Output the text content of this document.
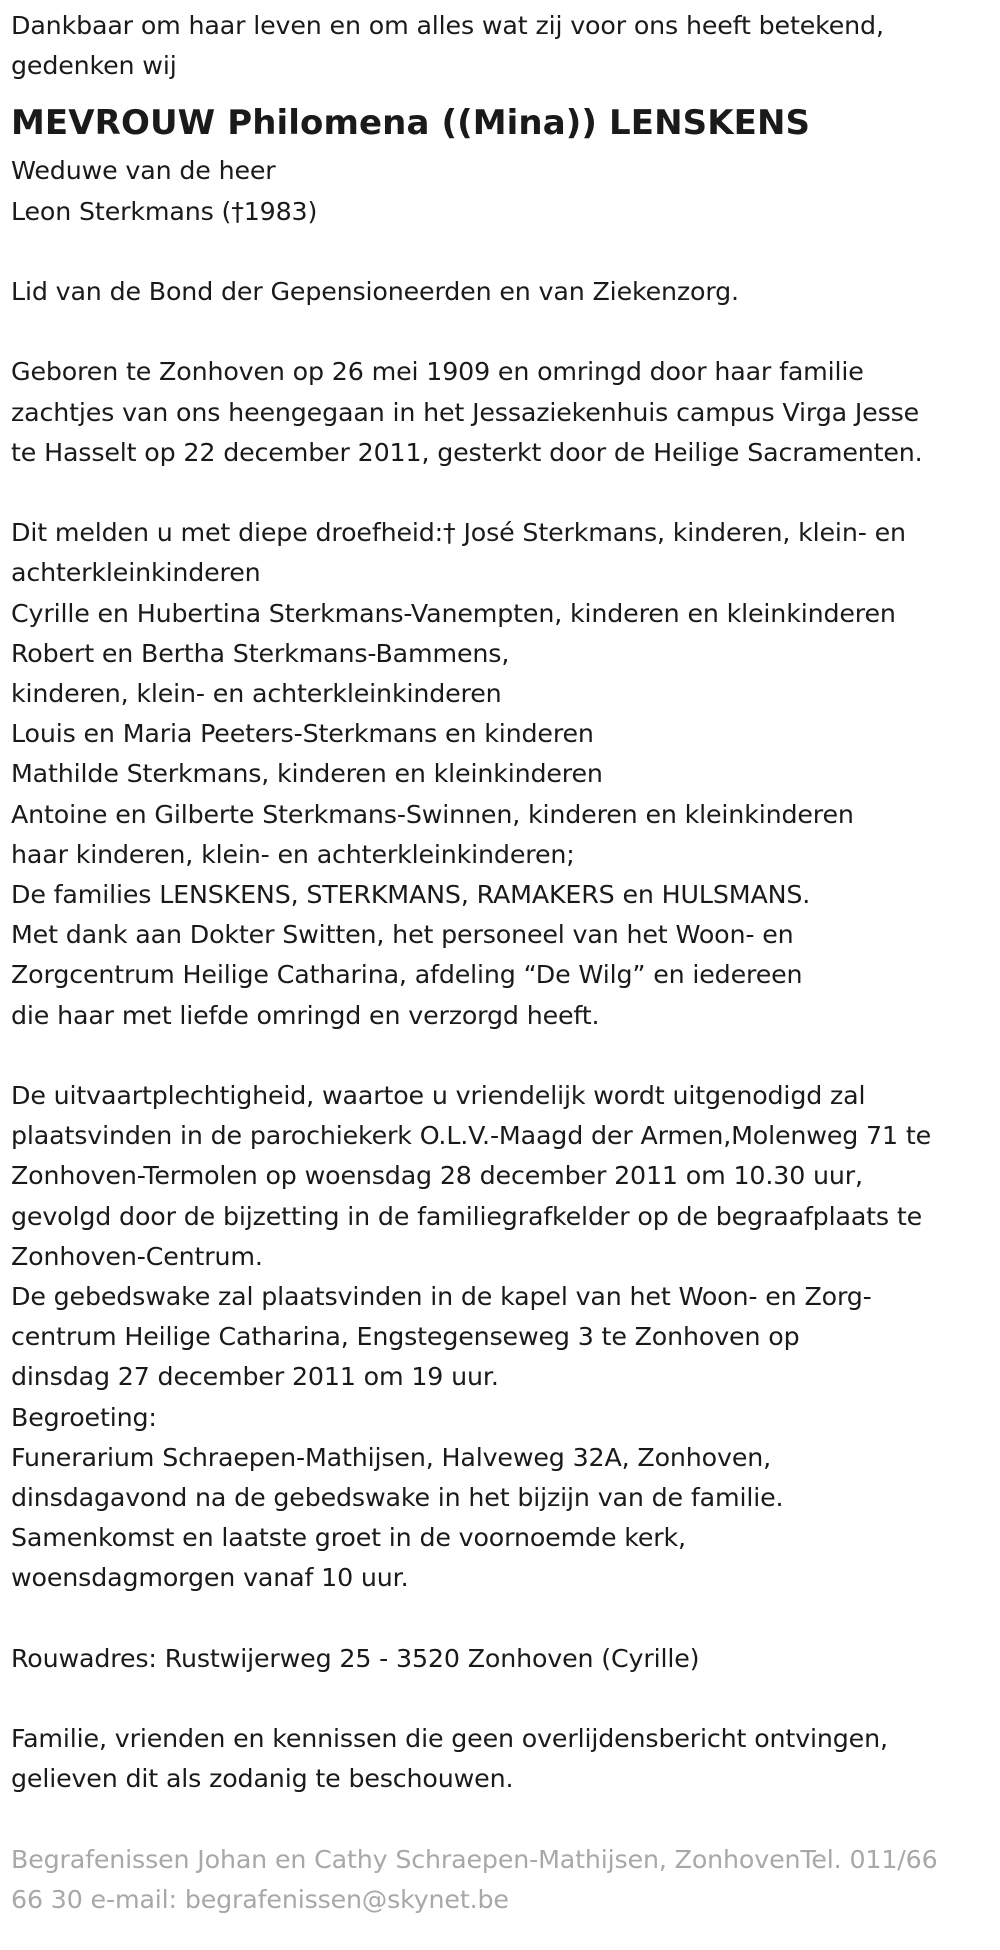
Dankbaar om haar leven en om alles wat zij voor ons heeft betekend,
gedenken wij
MEVROUW Philomena ((Mina)) LENSKENS
Weduwe van de heer
Leon Sterkmans (†1983)
Lid van de Bond der Gepensioneerden en van Ziekenzorg.
Geboren te Zonhoven op 26 mei 1909 en omringd door haar familie
zachtjes van ons heengegaan in het Jessaziekenhuis campus Virga Jesse
te Hasselt op 22 december 2011, gesterkt door de Heilige Sacramenten.
Dit melden u met diepe droefheid:† José Sterkmans, kinderen, klein- en
achterkleinkinderen
Cyrille en Hubertina Sterkmans-Vanempten, kinderen en kleinkinderen
Robert en Bertha Sterkmans-Bammens,
kinderen, klein- en achterkleinkinderen
Louis en Maria Peeters-Sterkmans en kinderen
Mathilde Sterkmans, kinderen en kleinkinderen
Antoine en Gilberte Sterkmans-Swinnen, kinderen en kleinkinderen
haar kinderen, klein- en achterkleinkinderen;
De families LENSKENS, STERKMANS, RAMAKERS en HULSMANS.
Met dank aan Dokter Switten, het personeel van het Woon- en
Zorgcentrum Heilige Catharina, afdeling “De Wilg” en iedereen
die haar met liefde omringd en verzorgd heeft.
De uitvaartplechtigheid, waartoe u vriendelijk wordt uitgenodigd zal
plaatsvinden in de parochiekerk O.L.V.-Maagd der Armen,Molenweg 71 te
Zonhoven-Termolen op woensdag 28 december 2011 om 10.30 uur,
gevolgd door de bijzetting in de familiegrafkelder op de begraafplaats te
Zonhoven-Centrum.
De gebedswake zal plaatsvinden in de kapel van het Woon- en Zorg-
centrum Heilige Catharina, Engstegenseweg 3 te Zonhoven op
dinsdag 27 december 2011 om 19 uur.
Begroeting:
Funerarium Schraepen-Mathijsen, Halveweg 32A, Zonhoven,
dinsdagavond na de gebedswake in het bijzijn van de familie.
Samenkomst en laatste groet in de voornoemde kerk,
woensdagmorgen vanaf 10 uur.
Rouwadres: Rustwijerweg 25 - 3520 Zonhoven (Cyrille)
Familie, vrienden en kennissen die geen overlijdensbericht ontvingen,
gelieven dit als zodanig te beschouwen.
Begrafenissen Johan en Cathy Schraepen-Mathijsen, ZonhovenTel. 011/66
66 30 e-mail: begrafenissen@skynet.be
